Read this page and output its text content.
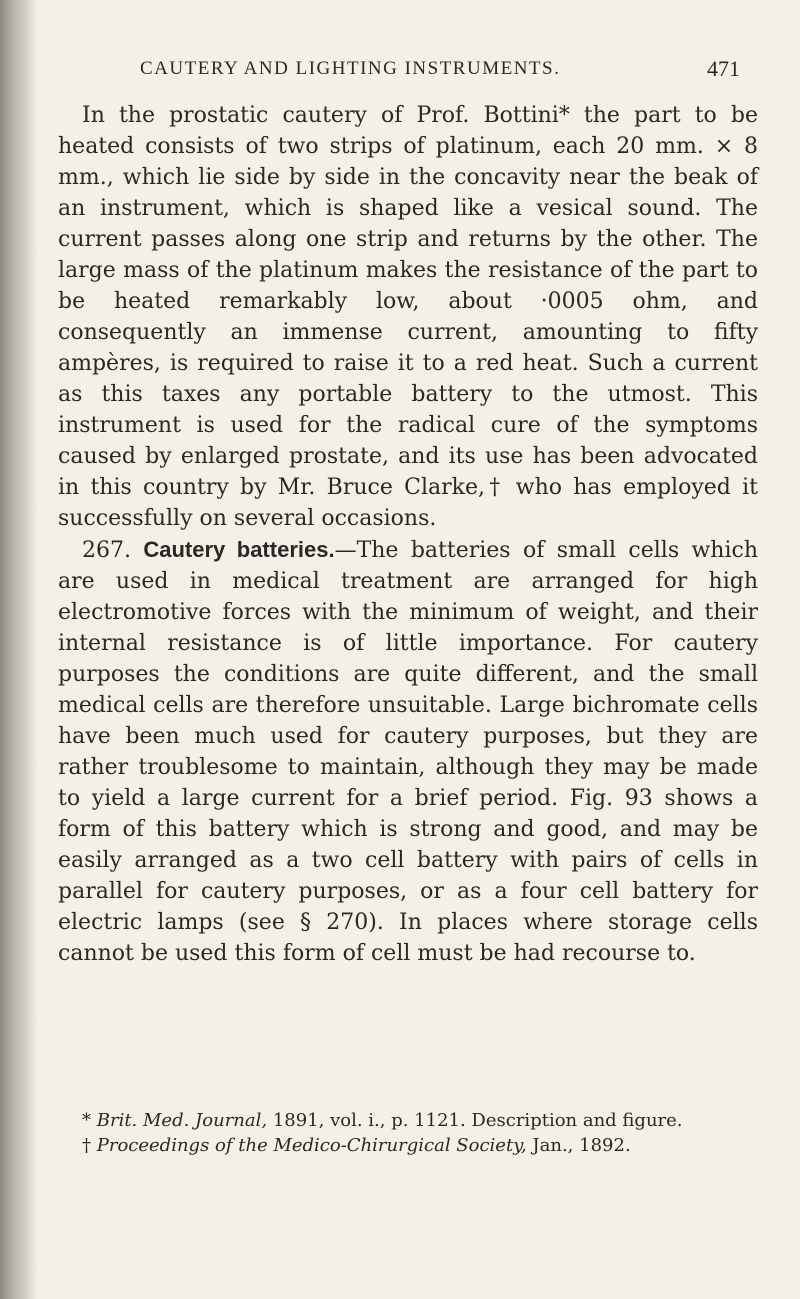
CAUTERY AND LIGHTING INSTRUMENTS.	471

In the prostatic cautery of Prof. Bottini* the part to be heated consists of two strips of platinum, each 20 mm. × 8 mm., which lie side by side in the concavity near the beak of an instrument, which is shaped like a vesical sound. The current passes along one strip and returns by the other. The large mass of the platinum makes the resistance of the part to be heated remarkably low, about ·0005 ohm, and consequently an immense current, amounting to fifty ampères, is required to raise it to a red heat. Such a current as this taxes any portable battery to the utmost. This instrument is used for the radical cure of the symptoms caused by enlarged prostate, and its use has been advocated in this country by Mr. Bruce Clarke,† who has employed it successfully on several occasions.

267. Cautery batteries.—The batteries of small cells which are used in medical treatment are arranged for high electromotive forces with the minimum of weight, and their internal resistance is of little importance. For cautery purposes the conditions are quite different, and the small medical cells are therefore unsuitable. Large bichromate cells have been much used for cautery purposes, but they are rather troublesome to maintain, although they may be made to yield a large current for a brief period. Fig. 93 shows a form of this battery which is strong and good, and may be easily arranged as a two cell battery with pairs of cells in parallel for cautery purposes, or as a four cell battery for electric lamps (see § 270). In places where storage cells cannot be used this form of cell must be had recourse to.

* Brit. Med. Journal, 1891, vol. i., p. 1121. Description and figure.

† Proceedings of the Medico-Chirurgical Society, Jan., 1892.
